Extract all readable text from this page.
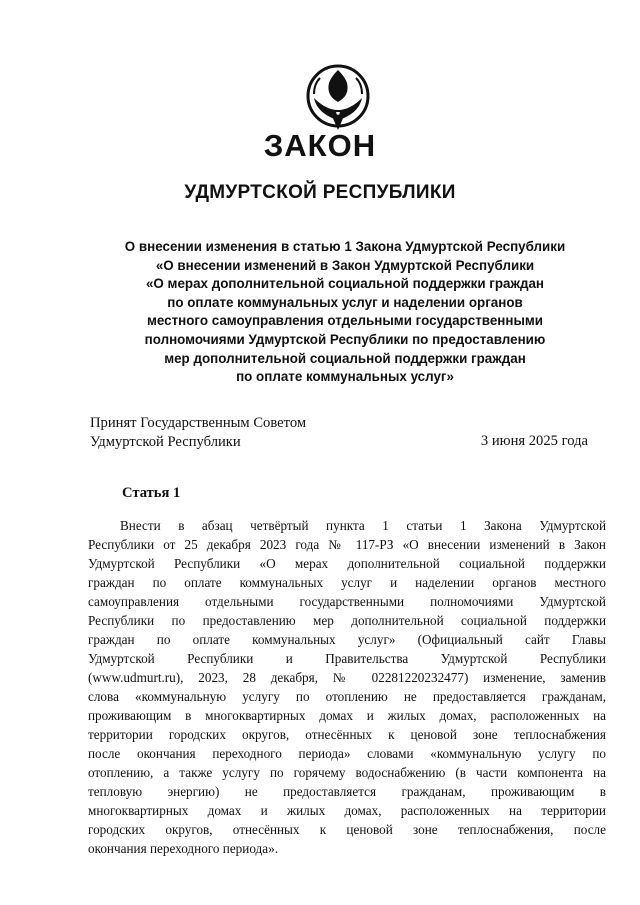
ЗАКОН
УДМУРТСКОЙ РЕСПУБЛИКИ
О внесении изменения в статью 1 Закона Удмуртской Республики
«О внесении изменений в Закон Удмуртской Республики
«О мерах дополнительной социальной поддержки граждан
по оплате коммунальных услуг и наделении органов
местного самоуправления отдельными государственными
полномочиями Удмуртской Республики по предоставлению
мер дополнительной социальной поддержки граждан
по оплате коммунальных услуг»
Принят Государственным Советом
Удмуртской Республики	3 июня 2025 года
Статья 1
Внести в абзац четвёртый пункта 1 статьи 1 Закона Удмуртской
Республики от 25 декабря 2023 года № 117-РЗ «О внесении изменений в Закон
Удмуртской Республики «О мерах дополнительной социальной поддержки
граждан по оплате коммунальных услуг и наделении органов местного
самоуправления отдельными государственными полномочиями Удмуртской
Республики по предоставлению мер дополнительной социальной поддержки
граждан по оплате коммунальных услуг» (Официальный сайт Главы
Удмуртской Республики и Правительства Удмуртской Республики
(www.udmurt.ru), 2023, 28 декабря, № 02281220232477) изменение, заменив
слова «коммунальную услугу по отоплению не предоставляется гражданам,
проживающим в многоквартирных домах и жилых домах, расположенных на
территории городских округов, отнесённых к ценовой зоне теплоснабжения
после окончания переходного периода» словами «коммунальную услугу по
отоплению, а также услугу по горячему водоснабжению (в части компонента на
тепловую энергию) не предоставляется гражданам, проживающим в
многоквартирных домах и жилых домах, расположенных на территории
городских округов, отнесённых к ценовой зоне теплоснабжения, после
окончания переходного периода».
